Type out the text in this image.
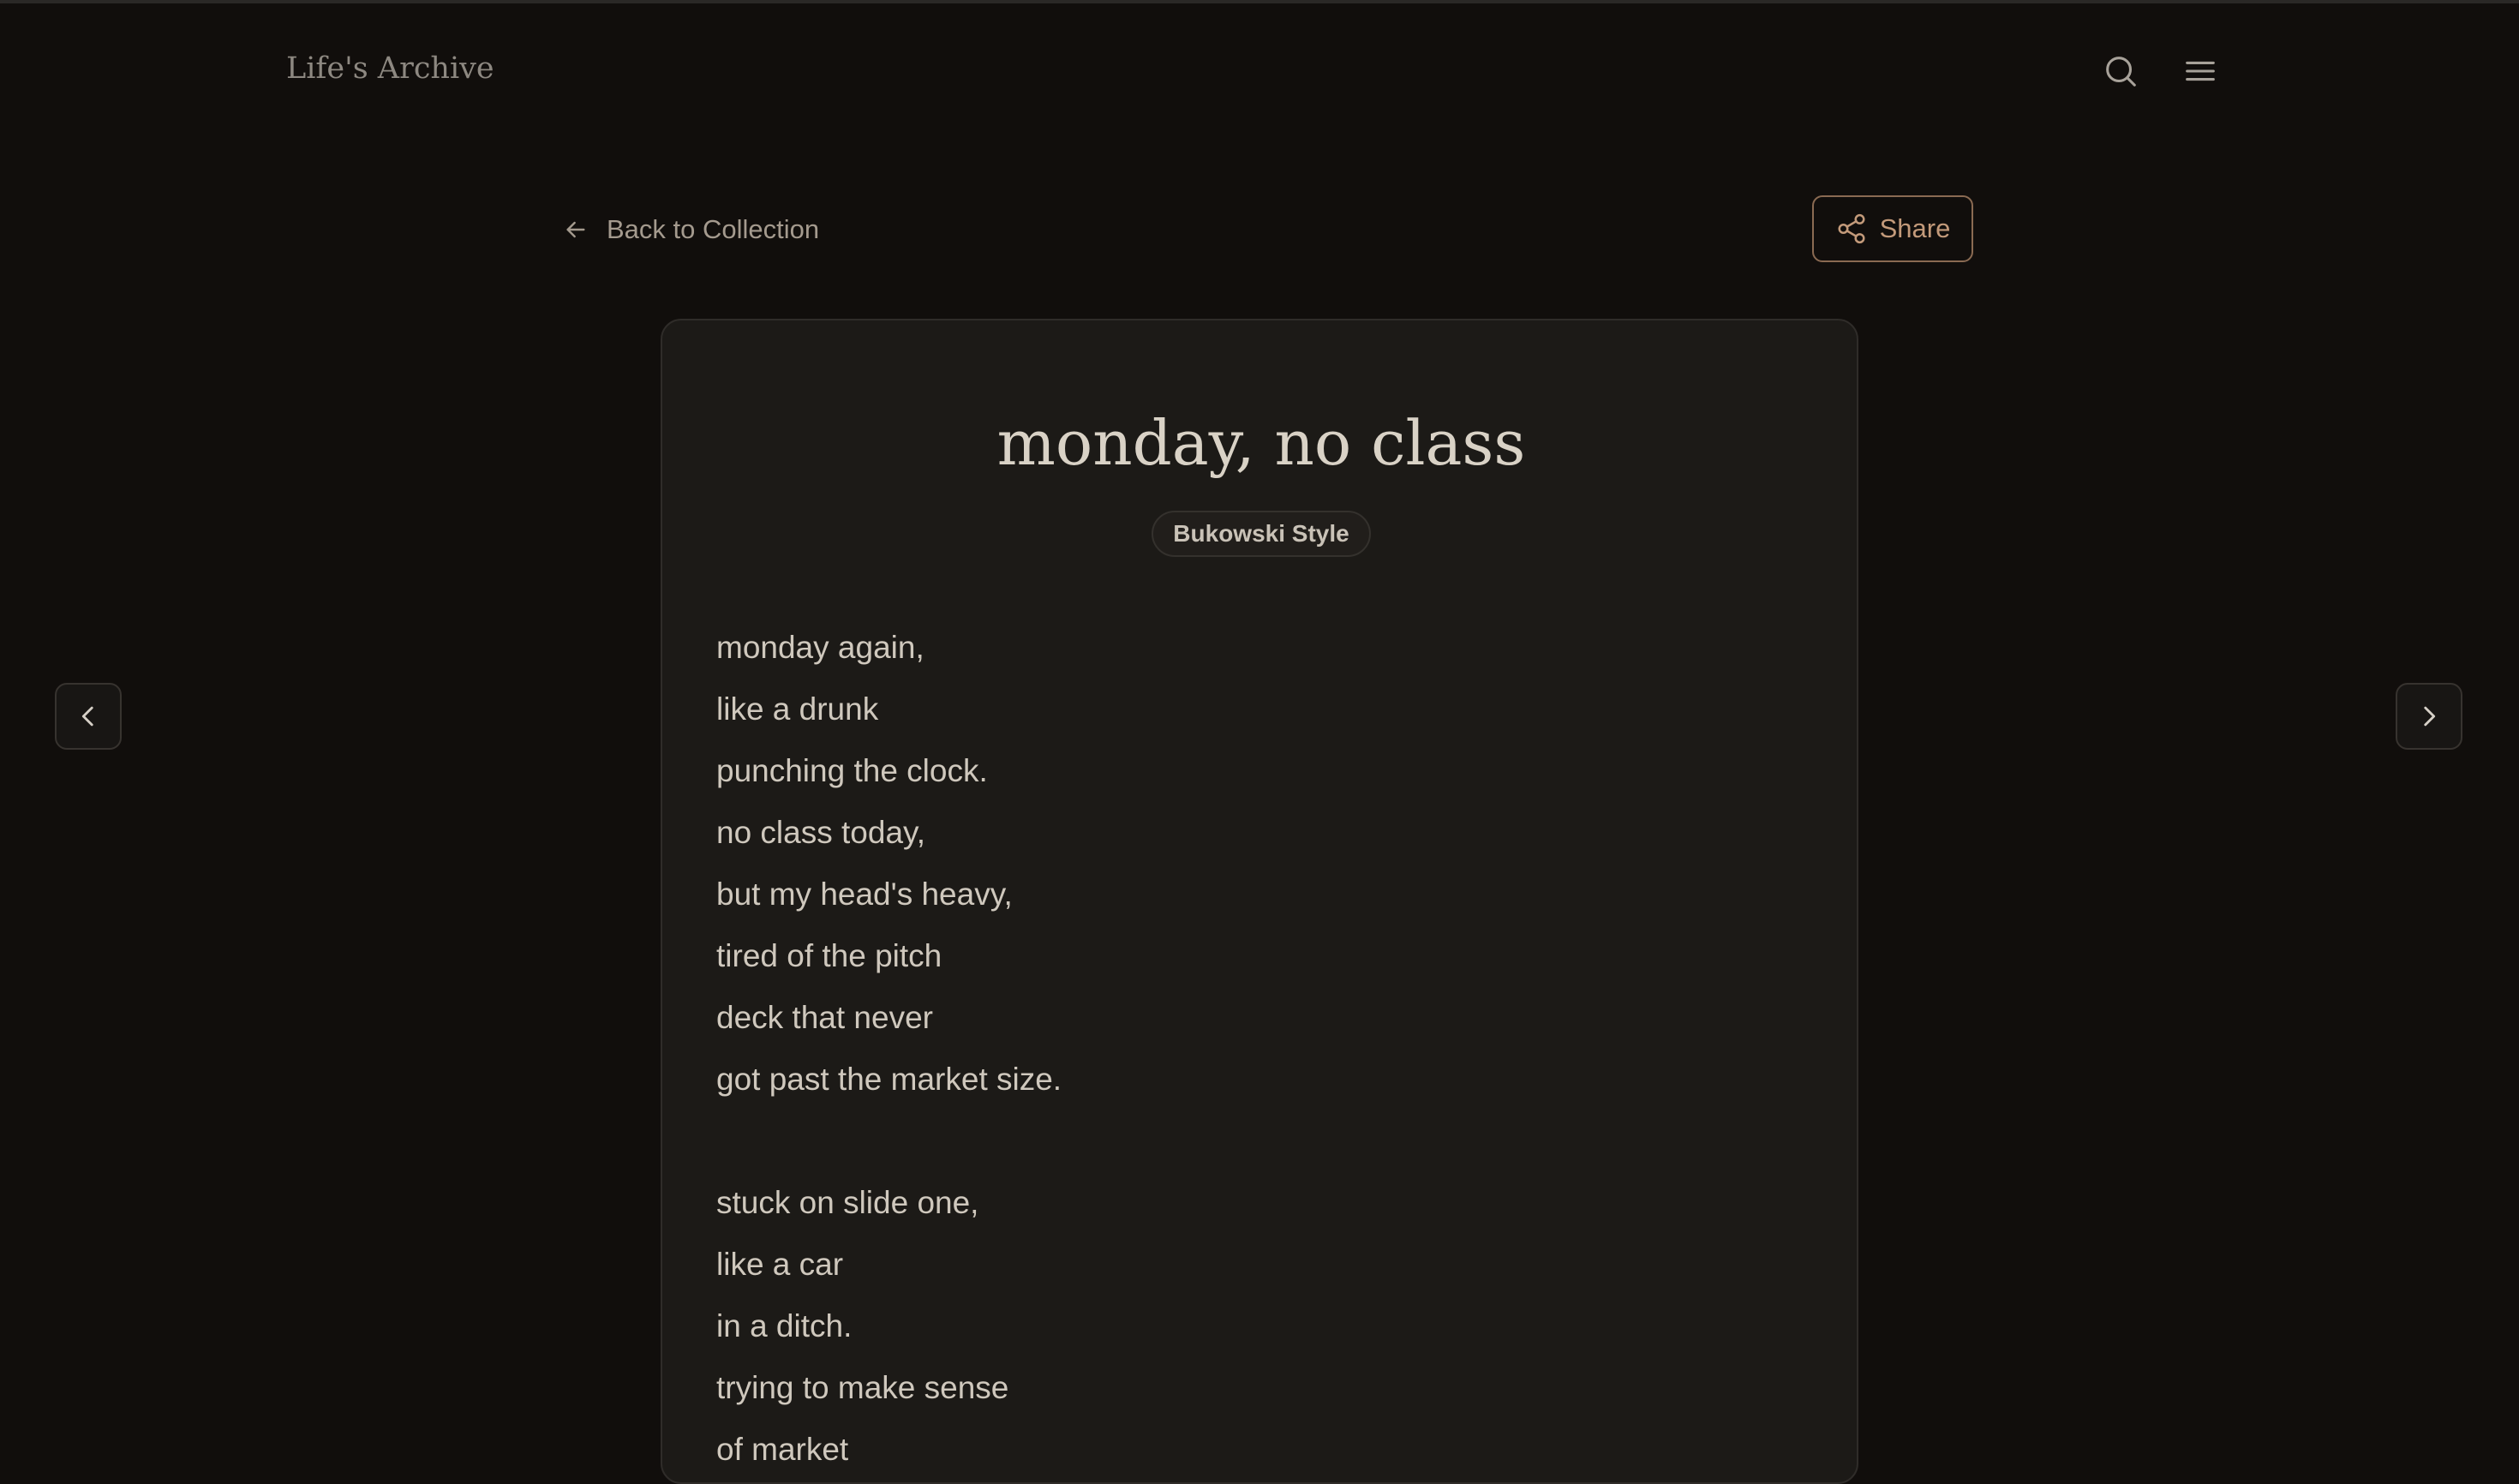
Life's Archive
Back to Collection	Share
monday, no class
Bukowski Style
monday again,
like a drunk
punching the clock.
no class today,
but my head's heavy,
tired of the pitch
deck that never
got past the market size.
stuck on slide one,
like a car
in a ditch.
trying to make sense
of market
